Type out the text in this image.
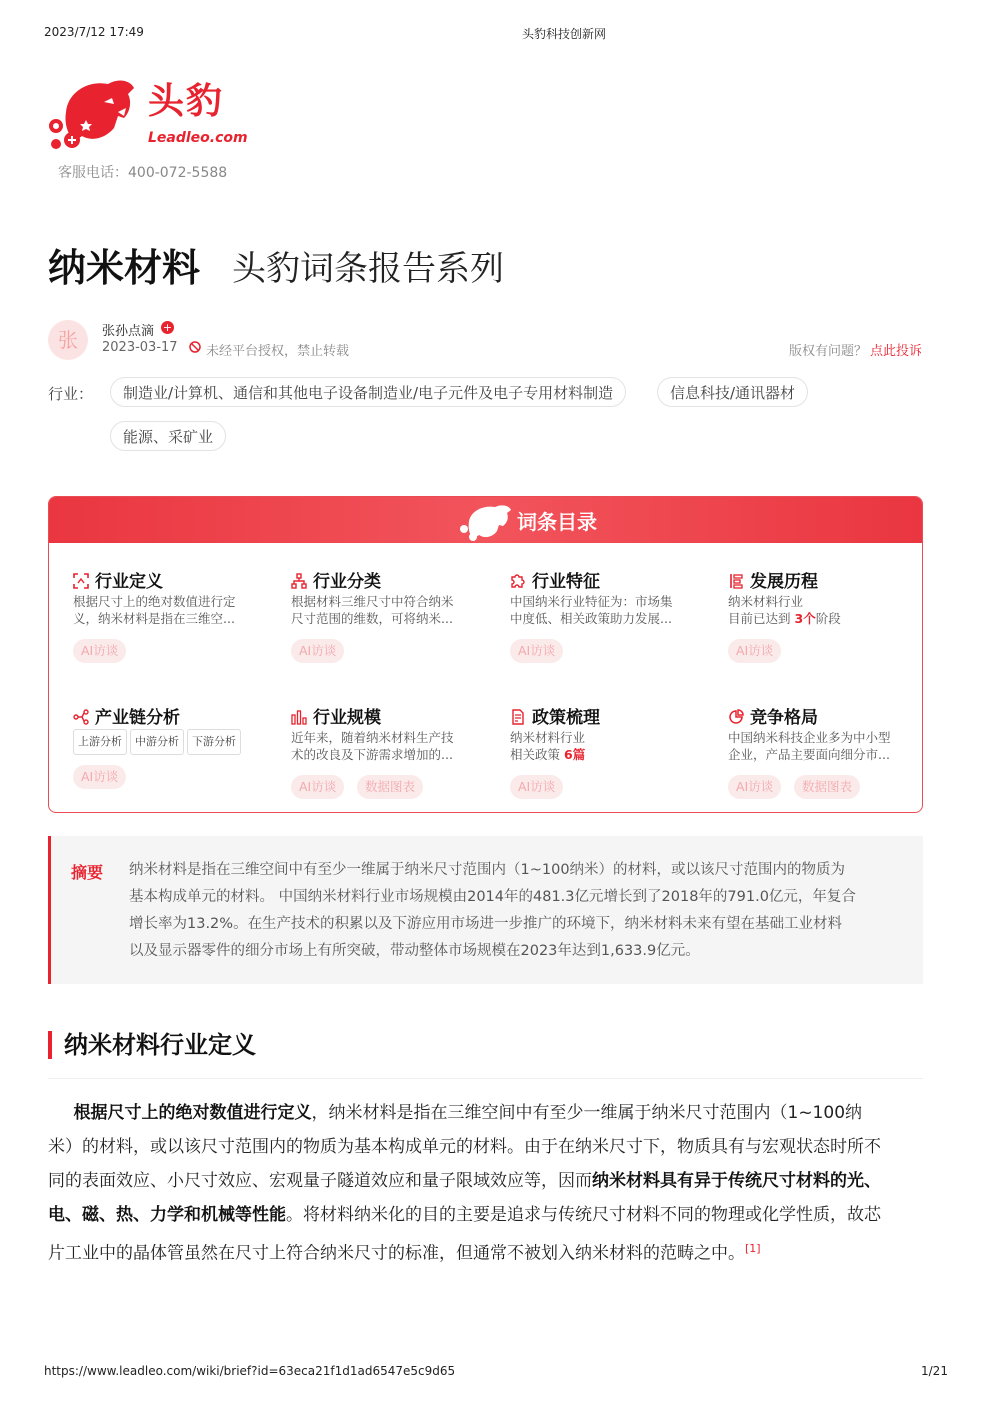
2023/7/12 17:49	头豹科技创新网
头豹
Leadleo.com
客服电话：400-072-5588
纳米材料 头豹词条报告系列
张	张孙点滴 +
2023-03-17 未经平台授权，禁止转载	版权有问题？ 点此投诉
行业：	制造业/计算机、通信和其他电子设备制造业/电子元件及电子专用材料制造	信息科技/通讯器材
能源、采矿业
词条目录
行业定义
根据尺寸上的绝对数值进行定
义，纳米材料是指在三维空...
AI访谈
行业分类
根据材料三维尺寸中符合纳米
尺寸范围的维数，可将纳米...
AI访谈
行业特征
中国纳米行业特征为：市场集
中度低、相关政策助力发展...
AI访谈
发展历程
纳米材料行业
目前已达到 3个阶段
AI访谈
产业链分析
上游分析 中游分析 下游分析
AI访谈
行业规模
近年来，随着纳米材料生产技
术的改良及下游需求增加的...
AI访谈	数据图表
政策梳理
纳米材料行业
相关政策 6篇
AI访谈
竞争格局
中国纳米科技企业多为中小型
企业，产品主要面向细分市...
AI访谈	数据图表
摘要 纳米材料是指在三维空间中有至少一维属于纳米尺寸范围内（1~100纳米）的材料，或以该尺寸范围内的物质为
基本构成单元的材料。 中国纳米材料行业市场规模由2014年的481.3亿元增长到了2018年的791.0亿元，年复合
增长率为13.2%。在生产技术的积累以及下游应用市场进一步推广的环境下，纳米材料未来有望在基础工业材料
以及显示器零件的细分市场上有所突破，带动整体市场规模在2023年达到1,633.9亿元。
纳米材料行业定义
  根据尺寸上的绝对数值进行定义，纳米材料是指在三维空间中有至少一维属于纳米尺寸范围内（1~100纳
米）的材料，或以该尺寸范围内的物质为基本构成单元的材料。由于在纳米尺寸下，物质具有与宏观状态时所不
同的表面效应、小尺寸效应、宏观量子隧道效应和量子限域效应等，因而纳米材料具有异于传统尺寸材料的光、
电、磁、热、力学和机械等性能。将材料纳米化的目的主要是追求与传统尺寸材料不同的物理或化学性质，故芯
片工业中的晶体管虽然在尺寸上符合纳米尺寸的标准，但通常不被划入纳米材料的范畴之中。[1]
https://www.leadleo.com/wiki/brief?id=63eca21f1d1ad6547e5c9d65	1/21
